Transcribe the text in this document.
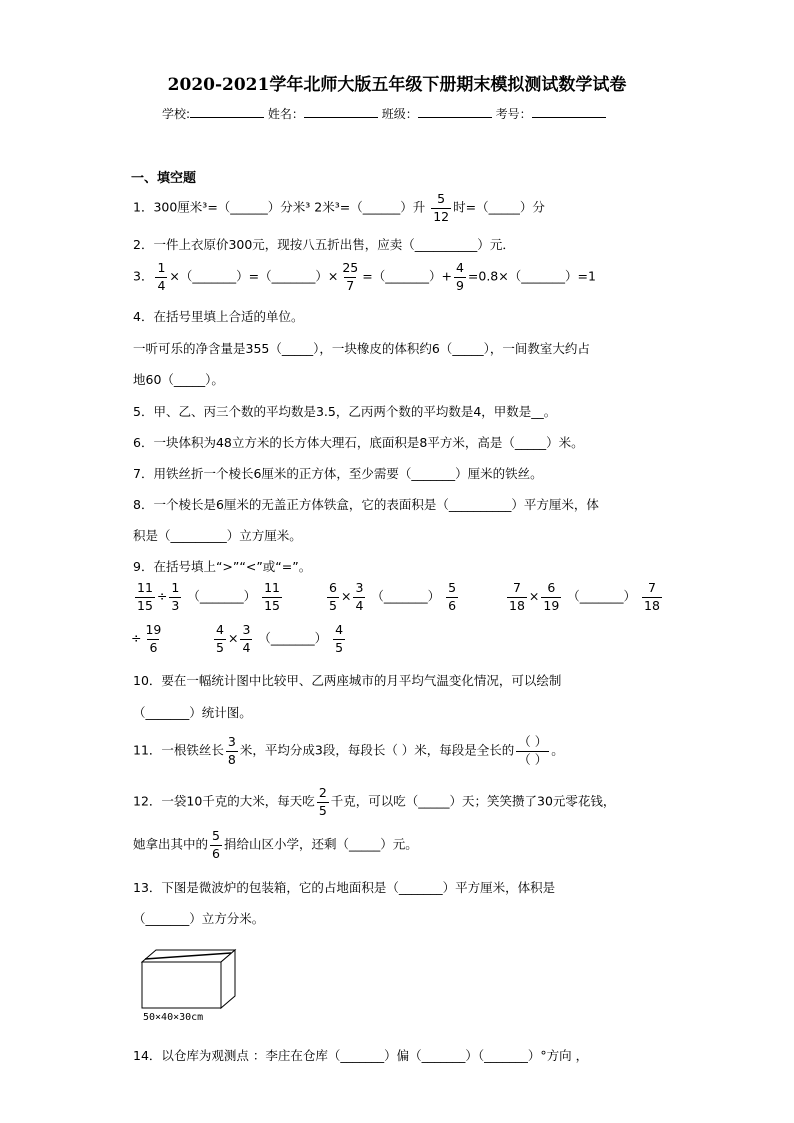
2020-2021学年北师大版五年级下册期末模拟测试数学试卷
学校:	姓名：	班级：	考号：
一、填空题
1．300厘米³=（______）分米³ 2米³=（______）升 $\frac{5}{12}$ 时=（_____）分
2．一件上衣原价300元，现按八五折出售，应卖（__________）元．
3． $\frac{1}{4}$ ×（_______）=（_______）× $\frac{25}{7}$ =（_______）+ $\frac{4}{9}$ =0.8×（_______）=1
4．在括号里填上合适的单位。
一听可乐的净含量是355（_____），一块橡皮的体积约6（_____），一间教室大约占
地60（_____）。
5．甲、乙、丙三个数的平均数是3.5，乙丙两个数的平均数是4，甲数是__。
6．一块体积为48立方米的长方体大理石，底面积是8平方米，高是（_____）米。
7．用铁丝折一个棱长6厘米的正方体，至少需要（_______）厘米的铁丝。
8．一个棱长是6厘米的无盖正方体铁盒，它的表面积是（__________）平方厘米，体
积是（_________）立方厘米。
9．在括号填上“>”“<”或“=”。
$\frac{11}{15} \div \frac{1}{3}$ （_______） $\frac{11}{15}$	$\frac{6}{5} \times \frac{3}{4}$ （_______） $\frac{5}{6}$	$\frac{7}{18} \times \frac{6}{19}$ （_______） $\frac{7}{18}$
÷ $\frac{19}{6}$	$\frac{4}{5} \times \frac{3}{4}$ （_______） $\frac{4}{5}$
10．要在一幅统计图中比较甲、乙两座城市的月平均气温变化情况，可以绘制
（_______）统计图。
11．一根铁丝长 $\frac{3}{8}$ 米，平均分成3段，每段长（ ）米，每段是全长的 $\frac{( )}{( )}$ 。
12．一袋10千克的大米，每天吃 $\frac{2}{5}$ 千克，可以吃（_____）天；笑笑攒了30元零花钱，
她拿出其中的 $\frac{5}{6}$ 捐给山区小学，还剩（_____）元。
13．下图是微波炉的包装箱，它的占地面积是（_______）平方厘米，体积是
（_______）立方分米。
50×40×30cm
14．以仓库为观测点 ：李庄在仓库（_______）偏（_______）（_______）°方向 ，
